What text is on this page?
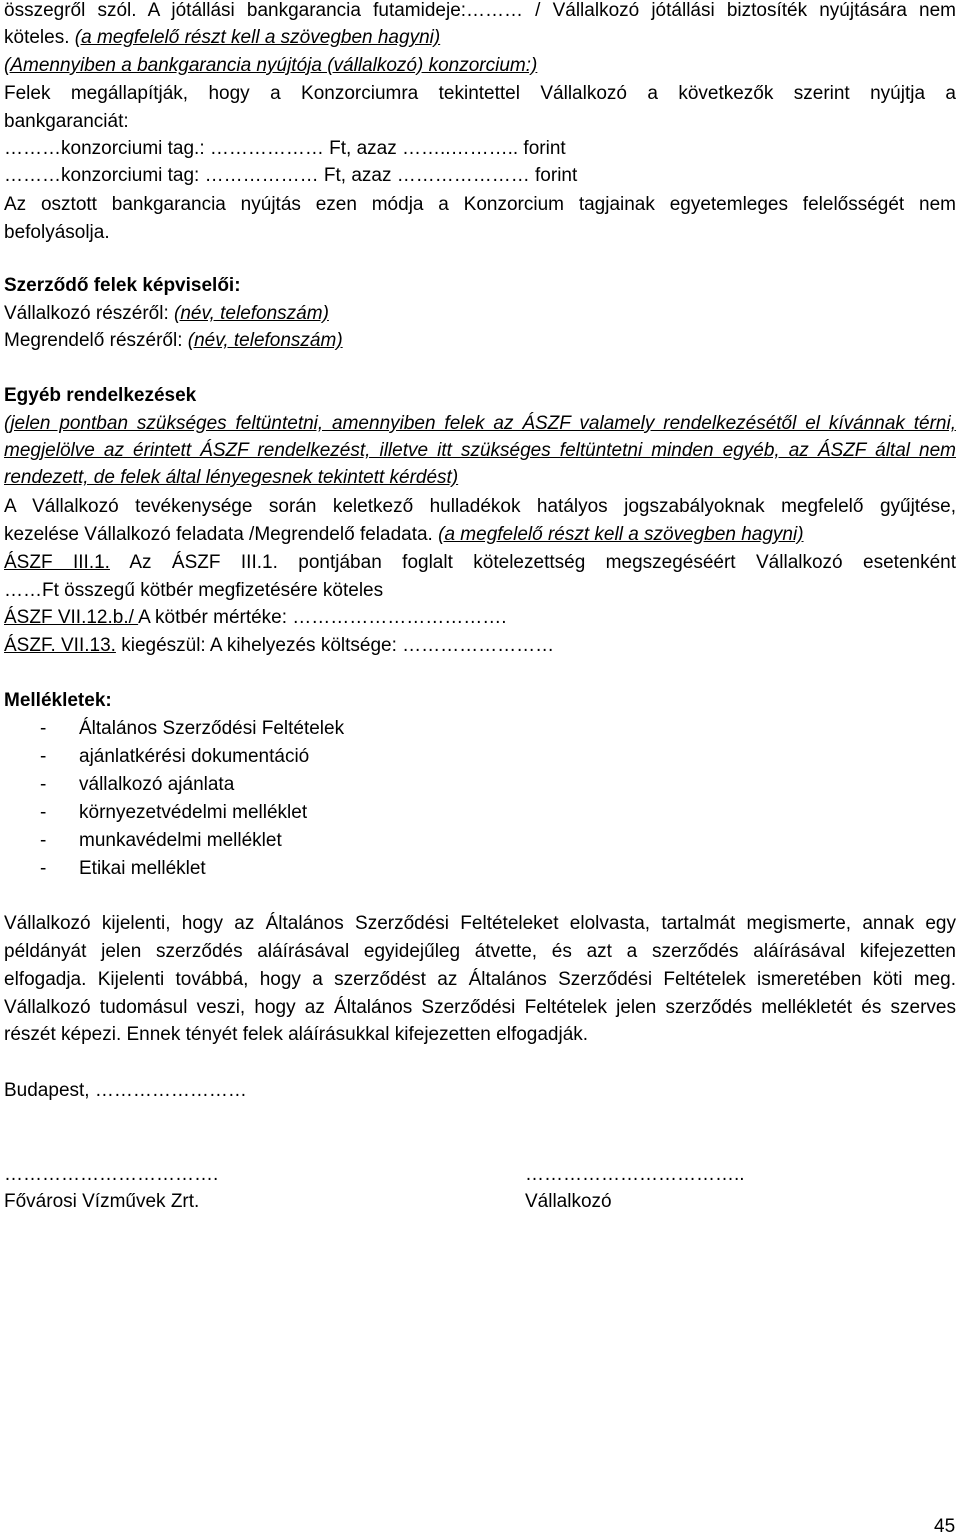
összegről szól. A jótállási bankgarancia futamideje:……… / Vállalkozó jótállási biztosíték nyújtására nem
köteles. (a megfelelő részt kell a szövegben hagyni)
(Amennyiben a bankgarancia nyújtója (vállalkozó) konzorcium:)
Felek megállapítják, hogy a Konzorciumra tekintettel Vállalkozó a következők szerint nyújtja a
bankgaranciát:
………konzorciumi tag.: ……………… Ft, azaz ……..……….. forint
………konzorciumi tag: ……………… Ft, azaz ………………… forint
Az osztott bankgarancia nyújtás ezen módja a Konzorcium tagjainak egyetemleges felelősségét nem
befolyásolja.
Szerződő felek képviselői:
Vállalkozó részéről: (név, telefonszám)
Megrendelő részéről: (név, telefonszám)
Egyéb rendelkezések
(jelen pontban szükséges feltüntetni, amennyiben felek az ÁSZF valamely rendelkezésétől el kívánnak térni,
megjelölve az érintett ÁSZF rendelkezést, illetve itt szükséges feltüntetni minden egyéb, az ÁSZF által nem
rendezett, de felek által lényegesnek tekintett kérdést)
A Vállalkozó tevékenysége során keletkező hulladékok hatályos jogszabályoknak megfelelő gyűjtése,
kezelése Vállalkozó feladata /Megrendelő feladata. (a megfelelő részt kell a szövegben hagyni)
ÁSZF III.1. Az ÁSZF III.1. pontjában foglalt kötelezettség megszegéséért Vállalkozó esetenként
……Ft összegű kötbér megfizetésére köteles
ÁSZF VII.12.b./ A kötbér mértéke: …………………………….
ÁSZF. VII.13. kiegészül: A kihelyezés költsége: ……………………
Mellékletek:
- Általános Szerződési Feltételek
- ajánlatkérési dokumentáció
- vállalkozó ajánlata
- környezetvédelmi melléklet
- munkavédelmi melléklet
- Etikai melléklet
Vállalkozó kijelenti, hogy az Általános Szerződési Feltételeket elolvasta, tartalmát megismerte, annak egy
példányát jelen szerződés aláírásával egyidejűleg átvette, és azt a szerződés aláírásával kifejezetten
elfogadja. Kijelenti továbbá, hogy a szerződést az Általános Szerződési Feltételek ismeretében köti meg.
Vállalkozó tudomásul veszi, hogy az Általános Szerződési Feltételek jelen szerződés mellékletét és szerves
részét képezi. Ennek tényét felek aláírásukkal kifejezetten elfogadják.
Budapest, ……………………
…………………………….	……………………………..
Fővárosi Vízművek Zrt.	Vállalkozó
45
